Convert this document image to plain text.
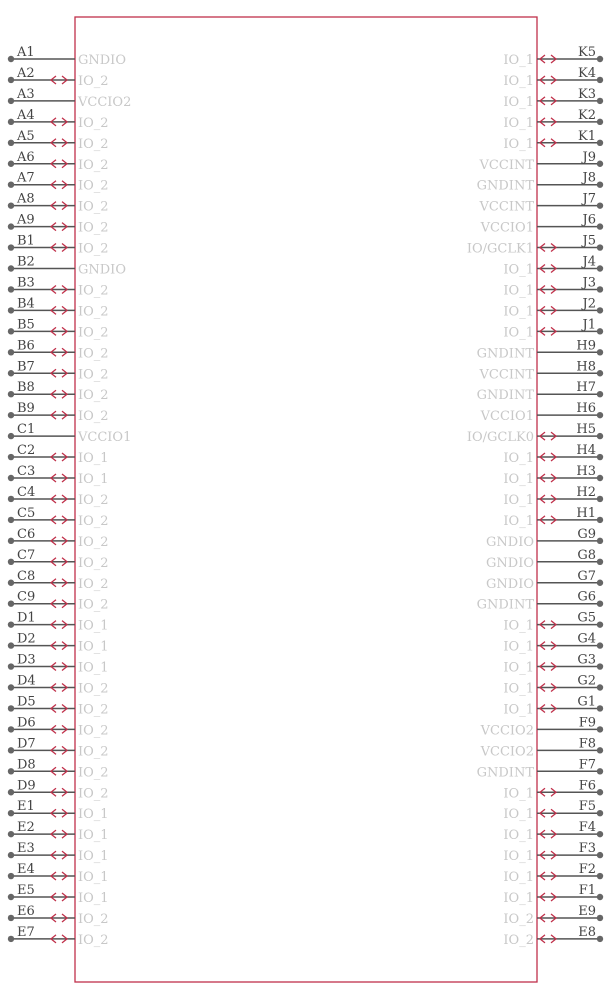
A1
GNDIO
A2
IO_2
A3
VCCIO2
A4
IO_2
A5
IO_2
A6
IO_2
A7
IO_2
A8
IO_2
A9
IO_2
B1
IO_2
B2
GNDIO
B3
IO_2
B4
IO_2
B5
IO_2
B6
IO_2
B7
IO_2
B8
IO_2
B9
IO_2
C1
VCCIO1
C2
IO_1
C3
IO_1
C4
IO_2
C5
IO_2
C6
IO_2
C7
IO_2
C8
IO_2
C9
IO_2
D1
IO_1
D2
IO_1
D3
IO_1
D4
IO_2
D5
IO_2
D6
IO_2
D7
IO_2
D8
IO_2
D9
IO_2
E1
IO_1
E2
IO_1
E3
IO_1
E4
IO_1
E5
IO_1
E6
IO_2
E7
IO_2
K5
IO_1
K4
IO_1
K3
IO_1
K2
IO_1
K1
IO_1
J9
VCCINT
J8
GNDINT
J7
VCCINT
J6
VCCIO1
J5
IO/GCLK1
J4
IO_1
J3
IO_1
J2
IO_1
J1
IO_1
H9
GNDINT
H8
VCCINT
H7
GNDINT
H6
VCCIO1
H5
IO/GCLK0
H4
IO_1
H3
IO_1
H2
IO_1
H1
IO_1
G9
GNDIO
G8
GNDIO
G7
GNDIO
G6
GNDINT
G5
IO_1
G4
IO_1
G3
IO_1
G2
IO_1
G1
IO_1
F9
VCCIO2
F8
VCCIO2
F7
GNDINT
F6
IO_1
F5
IO_1
F4
IO_1
F3
IO_1
F2
IO_1
F1
IO_1
E9
IO_2
E8
IO_2
